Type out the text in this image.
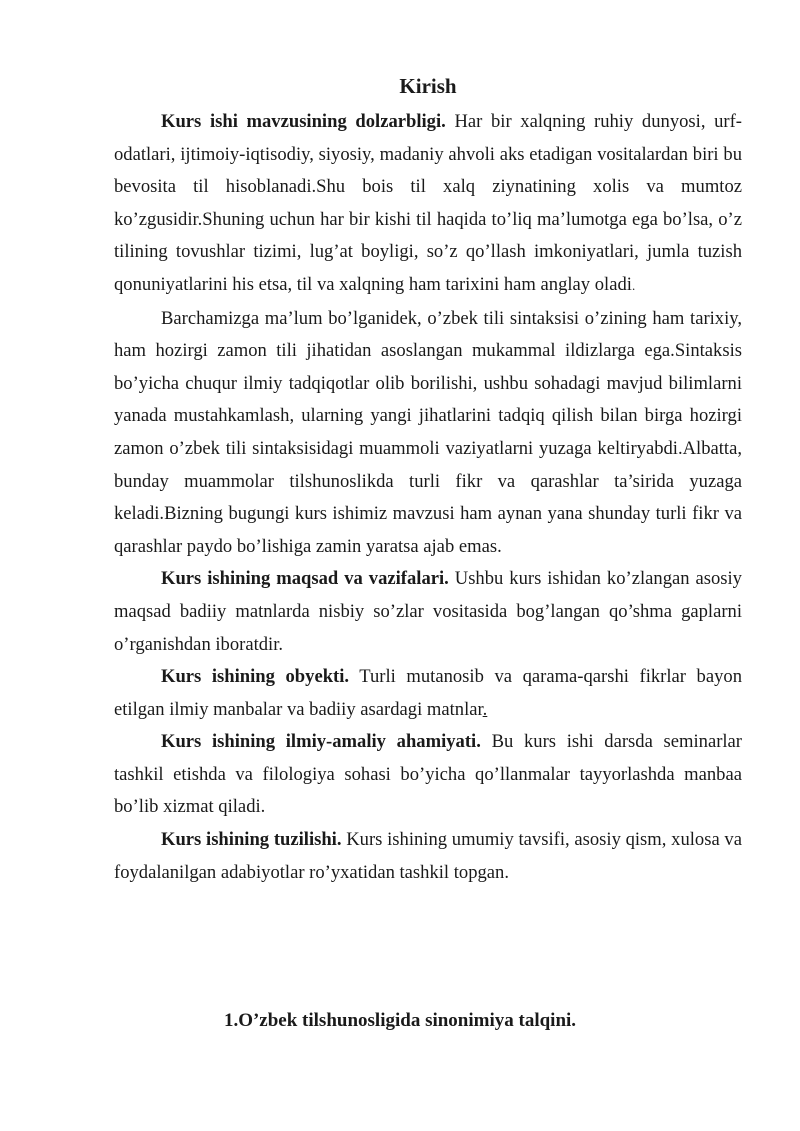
Kirish

Kurs ishi mavzusining dolzarbligi. Har bir xalqning ruhiy dunyosi, urf-odatlari, ijtimoiy-iqtisodiy, siyosiy, madaniy ahvoli aks etadigan vositalardan biri bu bevosita til hisoblanadi.Shu bois til xalq ziynatining xolis va mumtoz ko’zgusidir.Shuning uchun har bir kishi til haqida to’liq ma’lumotga ega bo’lsa, o’z tilining tovushlar tizimi, lug’at boyligi, so’z qo’llash imkoniyatlari, jumla tuzish qonuniyatlarini his etsa, til va xalqning ham tarixini ham anglay oladi.

Barchamizga ma’lum bo’lganidek, o’zbek tili sintaksisi o’zining ham tarixiy, ham hozirgi zamon tili jihatidan asoslangan mukammal ildizlarga ega.Sintaksis bo’yicha chuqur ilmiy tadqiqotlar olib borilishi, ushbu sohadagi mavjud bilimlarni yanada mustahkamlash, ularning yangi jihatlarini tadqiq qilish bilan birga hozirgi zamon o’zbek tili sintaksisidagi muammoli vaziyatlarni yuzaga keltiryabdi.Albatta, bunday muammolar tilshunoslikda turli fikr va qarashlar ta’sirida yuzaga keladi.Bizning bugungi kurs ishimiz mavzusi ham aynan yana shunday turli fikr va qarashlar paydo bo’lishiga zamin yaratsa ajab emas.

Kurs ishining maqsad va vazifalari. Ushbu kurs ishidan ko’zlangan asosiy maqsad badiiy matnlarda nisbiy so’zlar vositasida bog’langan qo’shma gaplarni o’rganishdan iboratdir.

Kurs ishining obyekti. Turli mutanosib va qarama-qarshi fikrlar bayon etilgan ilmiy manbalar va badiiy asardagi matnlar.

Kurs ishining ilmiy-amaliy ahamiyati. Bu kurs ishi darsda seminarlar tashkil etishda va filologiya sohasi bo’yicha qo’llanmalar tayyorlashda manbaa bo’lib xizmat qiladi.

Kurs ishining tuzilishi. Kurs ishining umumiy tavsifi, asosiy qism, xulosa va foydalanilgan adabiyotlar ro’yxatidan tashkil topgan.

1.O’zbek tilshunosligida sinonimiya talqini.
